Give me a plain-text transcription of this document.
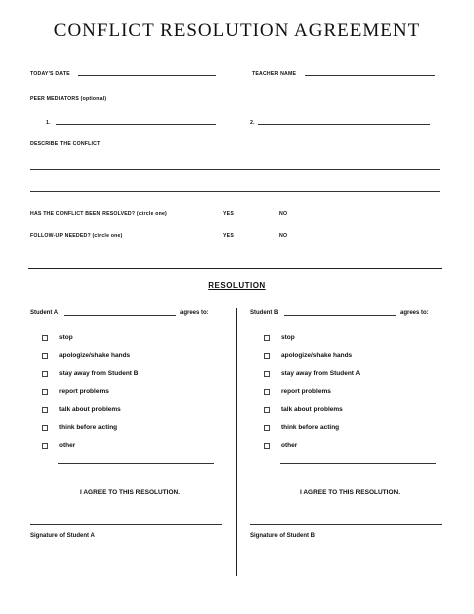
CONFLICT RESOLUTION AGREEMENT
TODAY'S DATE	TEACHER NAME
PEER MEDIATORS (optional)
1.	2.
DESCRIBE THE CONFLICT
HAS THE CONFLICT BEEN RESOLVED? (circle one)	YES	NO
FOLLOW-UP NEEDED? (circle one)	YES	NO
RESOLUTION
Student A	agrees to:
stop
apologize/shake hands
stay away from Student B
report problems
talk about problems
think before acting
other
I AGREE TO THIS RESOLUTION.
Signature of Student A
Student B	agrees to:
stop
apologize/shake hands
stay away from Student A
report problems
talk about problems
think before acting
other
I AGREE TO THIS RESOLUTION.
Signature of Student B
